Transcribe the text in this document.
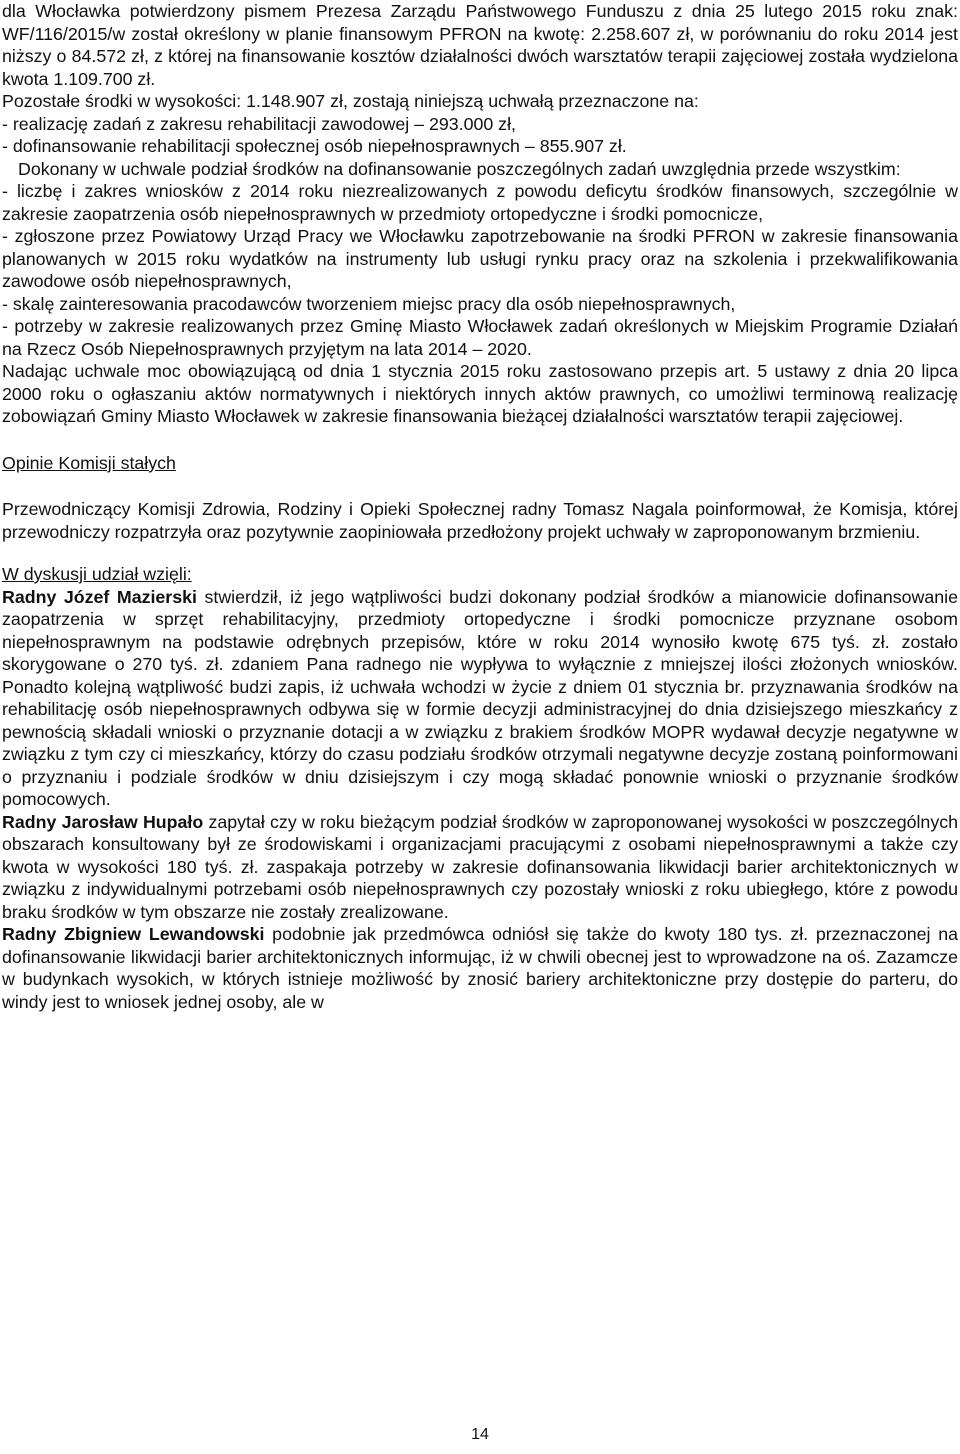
dla Włocławka potwierdzony pismem Prezesa Zarządu Państwowego Funduszu z dnia 25 lutego 2015 roku znak: WF/116/2015/w został określony w planie finansowym PFRON na kwotę: 2.258.607 zł, w porównaniu do roku 2014 jest niższy o 84.572 zł, z której na finansowanie kosztów działalności dwóch warsztatów terapii zajęciowej została wydzielona kwota 1.109.700 zł.

Pozostałe środki w wysokości: 1.148.907 zł, zostają niniejszą uchwałą przeznaczone na:

- realizację zadań z zakresu rehabilitacji zawodowej – 293.000 zł,

- dofinansowanie rehabilitacji społecznej osób niepełnosprawnych – 855.907 zł.

Dokonany w uchwale podział środków na dofinansowanie poszczególnych zadań uwzględnia przede wszystkim:

- liczbę i zakres wniosków z 2014 roku niezrealizowanych z powodu deficytu środków finansowych, szczególnie w zakresie zaopatrzenia osób niepełnosprawnych w przedmioty ortopedyczne i środki pomocnicze,

- zgłoszone przez Powiatowy Urząd Pracy we Włocławku zapotrzebowanie na środki PFRON w zakresie finansowania planowanych w 2015 roku wydatków na instrumenty lub usługi rynku pracy oraz na szkolenia i przekwalifikowania zawodowe osób niepełnosprawnych,

- skalę zainteresowania pracodawców tworzeniem miejsc pracy dla osób niepełnosprawnych,

- potrzeby w zakresie realizowanych przez Gminę Miasto Włocławek zadań określonych w Miejskim Programie Działań na Rzecz Osób Niepełnosprawnych przyjętym na lata 2014 – 2020.

Nadając uchwale moc obowiązującą od dnia 1 stycznia 2015 roku zastosowano przepis art. 5 ustawy z dnia 20 lipca 2000 roku o ogłaszaniu aktów normatywnych i niektórych innych aktów prawnych, co umożliwi terminową realizację zobowiązań Gminy Miasto Włocławek w zakresie finansowania bieżącej działalności warsztatów terapii zajęciowej.

Opinie Komisji stałych

Przewodniczący Komisji Zdrowia, Rodziny i Opieki Społecznej radny Tomasz Nagala poinformował, że Komisja, której przewodniczy rozpatrzyła oraz pozytywnie zaopiniowała przedłożony projekt uchwały w zaproponowanym brzmieniu.

W dyskusji udział wzięli:

Radny Józef Mazierski stwierdził, iż jego wątpliwości budzi dokonany podział środków a mianowicie dofinansowanie zaopatrzenia w sprzęt rehabilitacyjny, przedmioty ortopedyczne i środki pomocnicze przyznane osobom niepełnosprawnym na podstawie odrębnych przepisów, które w roku 2014 wynosiło kwotę 675 tyś. zł. zostało skorygowane o 270 tyś. zł. zdaniem Pana radnego nie wypływa to wyłącznie z mniejszej ilości złożonych wniosków. Ponadto kolejną wątpliwość budzi zapis, iż uchwała wchodzi w życie z dniem 01 stycznia br. przyznawania środków na rehabilitację osób niepełnosprawnych odbywa się w formie decyzji administracyjnej do dnia dzisiejszego mieszkańcy z pewnością składali wnioski o przyznanie dotacji a w związku z brakiem środków MOPR wydawał decyzje negatywne w związku z tym czy ci mieszkańcy, którzy do czasu podziału środków otrzymali negatywne decyzje zostaną poinformowani o przyznaniu i podziale środków w dniu dzisiejszym i czy mogą składać ponownie wnioski o przyznanie środków pomocowych.

Radny Jarosław Hupało zapytał czy w roku bieżącym podział środków w zaproponowanej wysokości w poszczególnych obszarach konsultowany był ze środowiskami i organizacjami pracującymi z osobami niepełnosprawnymi a także czy kwota w wysokości 180 tyś. zł. zaspakaja potrzeby w zakresie dofinansowania likwidacji barier architektonicznych w związku z indywidualnymi potrzebami osób niepełnosprawnych czy pozostały wnioski z roku ubiegłego, które z powodu braku środków w tym obszarze nie zostały zrealizowane.

Radny Zbigniew Lewandowski podobnie jak przedmówca odniósł się także do kwoty 180 tys. zł. przeznaczonej na dofinansowanie likwidacji barier architektonicznych informując, iż w chwili obecnej jest to wprowadzone na oś. Zazamcze w budynkach wysokich, w których istnieje możliwość by znosić bariery architektoniczne przy dostępie do parteru, do windy jest to wniosek jednej osoby, ale w

14
